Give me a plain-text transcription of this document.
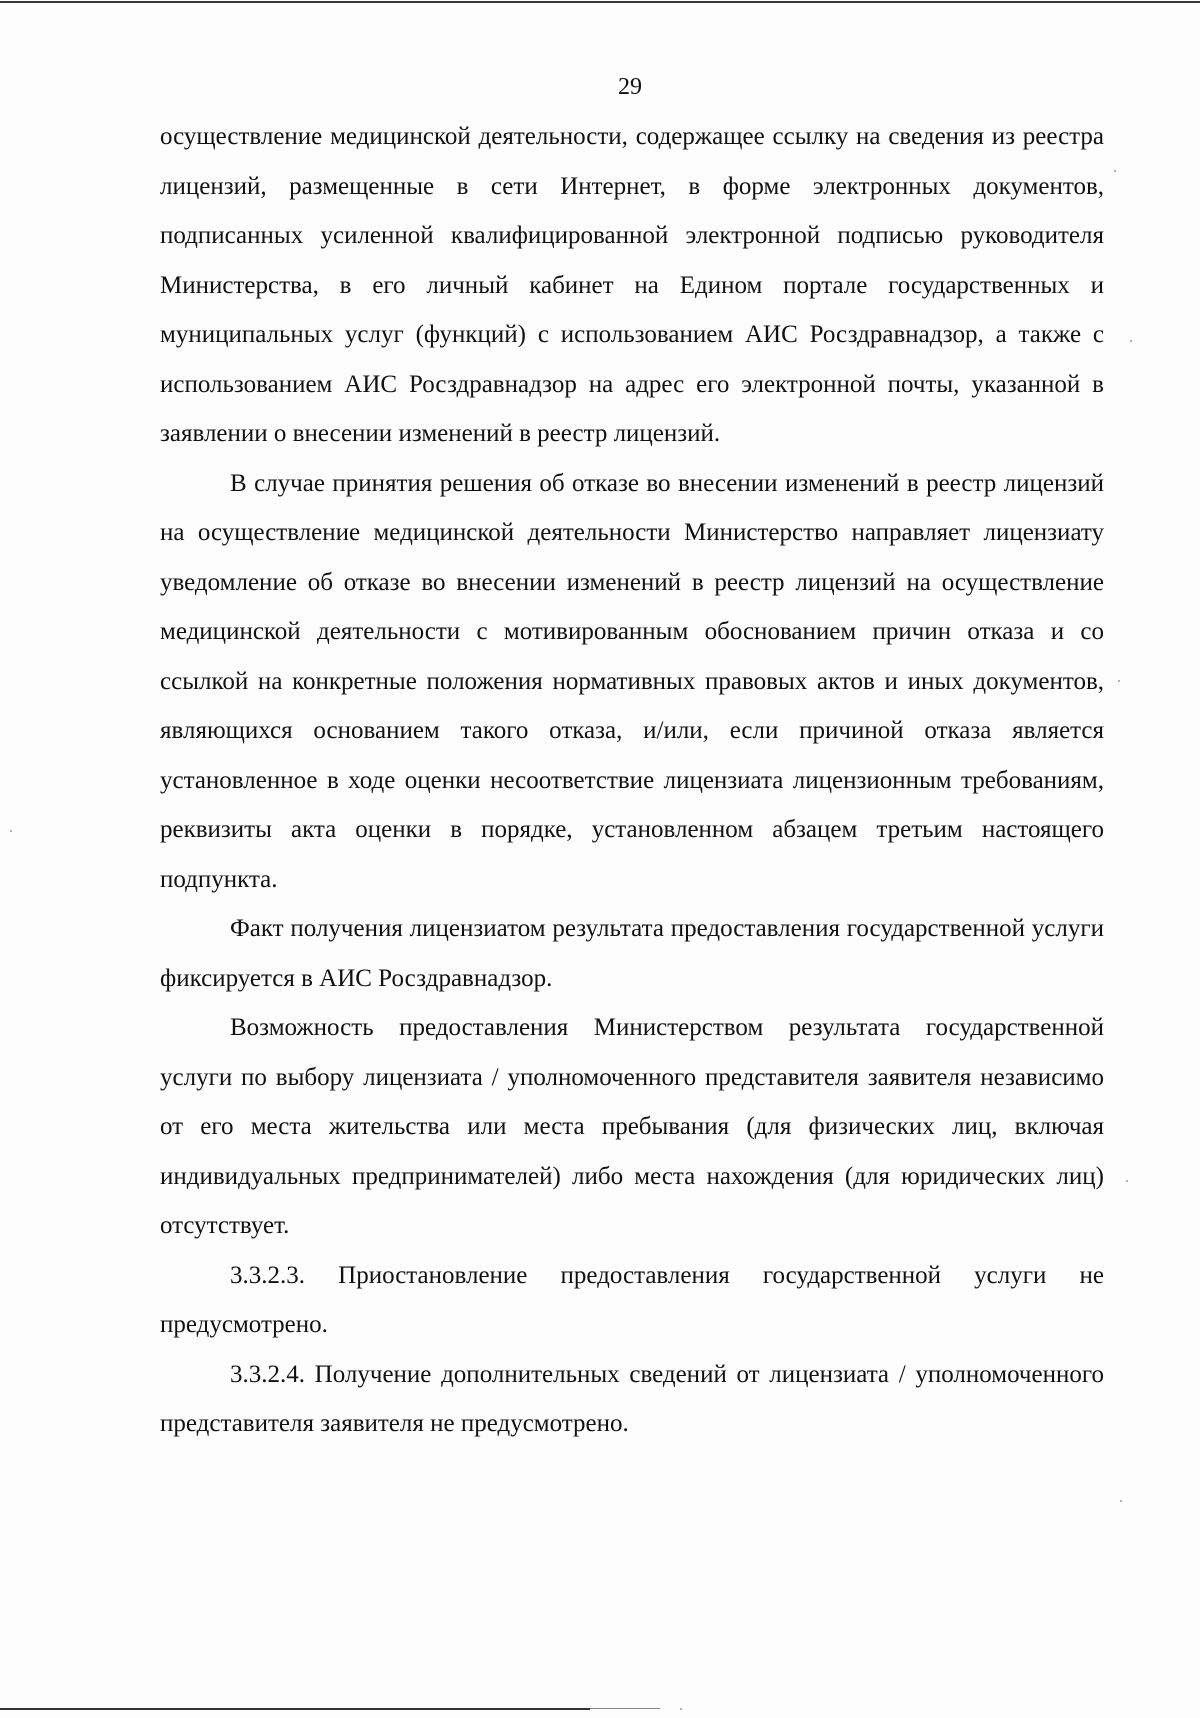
29

осуществление медицинской деятельности, содержащее ссылку на сведения из реестра лицензий, размещенные в сети Интернет, в форме электронных документов, подписанных усиленной квалифицированной электронной подписью руководителя Министерства, в его личный кабинет на Едином портале государственных и муниципальных услуг (функций) с использованием АИС Росздравнадзор, а также с использованием АИС Росздравнадзор на адрес его электронной почты, указанной в заявлении о внесении изменений в реестр лицензий.

В случае принятия решения об отказе во внесении изменений в реестр лицензий на осуществление медицинской деятельности Министерство направляет лицензиату уведомление об отказе во внесении изменений в реестр лицензий на осуществление медицинской деятельности с мотивированным обоснованием причин отказа и со ссылкой на конкретные положения нормативных правовых актов и иных документов, являющихся основанием такого отказа, и/или, если причиной отказа является установленное в ходе оценки несоответствие лицензиата лицензионным требованиям, реквизиты акта оценки в порядке, установленном абзацем третьим настоящего подпункта.

Факт получения лицензиатом результата предоставления государственной услуги фиксируется в АИС Росздравнадзор.

Возможность предоставления Министерством результата государственной услуги по выбору лицензиата / уполномоченного представителя заявителя независимо от его места жительства или места пребывания (для физических лиц, включая индивидуальных предпринимателей) либо места нахождения (для юридических лиц) отсутствует.

3.3.2.3. Приостановление предоставления государственной услуги не предусмотрено.

3.3.2.4. Получение дополнительных сведений от лицензиата / уполномоченного представителя заявителя не предусмотрено.
